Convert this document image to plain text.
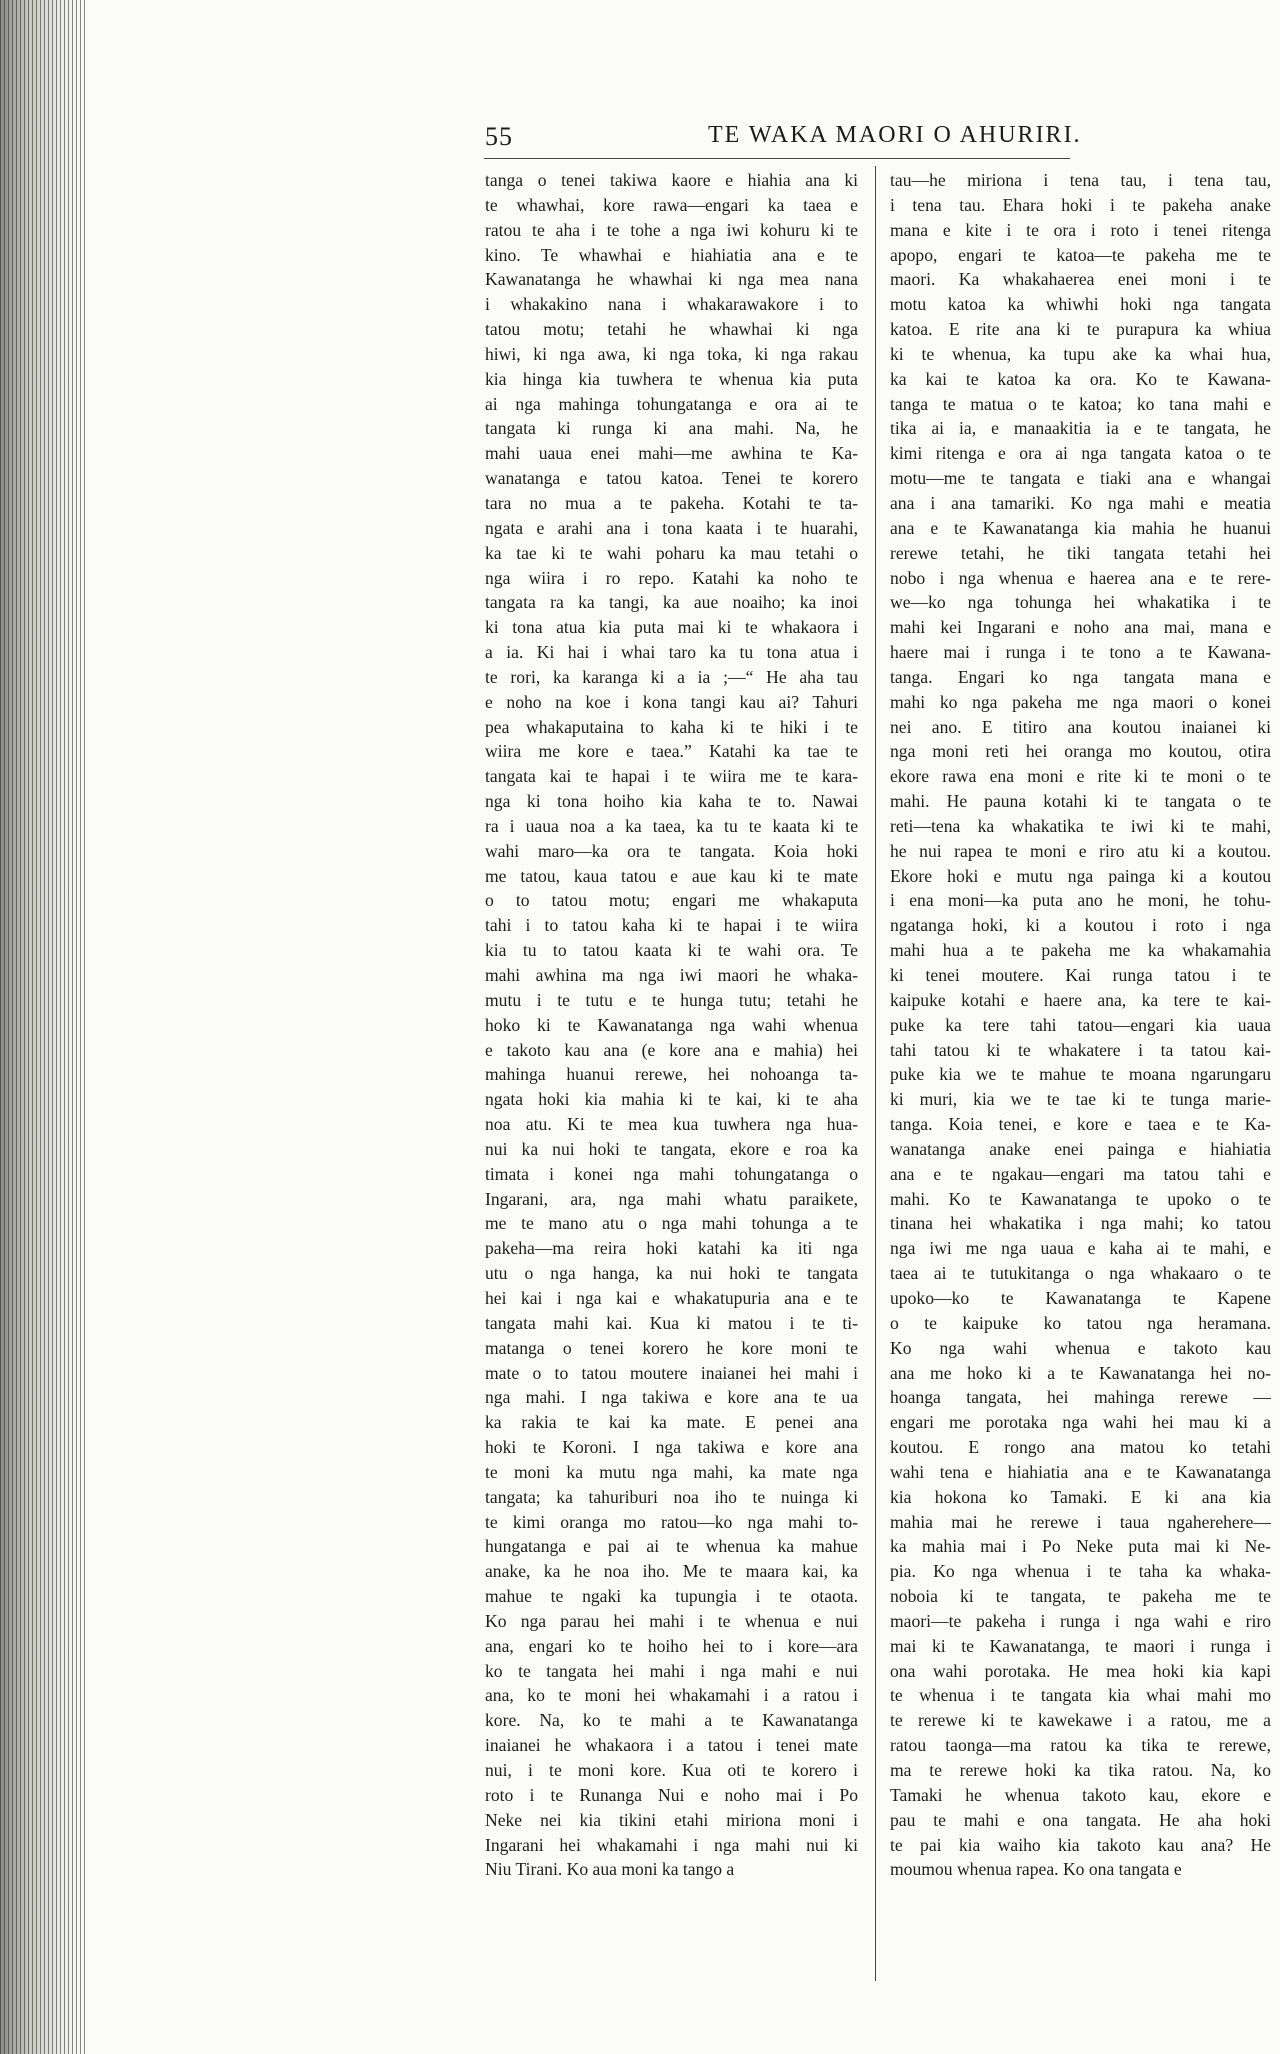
55	TE WAKA MAORI O AHURIRI.
tanga o tenei takiwa kaore e hiahia ana ki
te whawhai, kore rawa—engari ka taea e
ratou te aha i te tohe a nga iwi kohuru ki te
kino. Te whawhai e hiahiatia ana e te
Kawanatanga he whawhai ki nga mea nana
i whakakino nana i whakarawakore i to
tatou motu; tetahi he whawhai ki nga
hiwi, ki nga awa, ki nga toka, ki nga rakau
kia hinga kia tuwhera te whenua kia puta
ai nga mahinga tohungatanga e ora ai te
tangata ki runga ki ana mahi. Na, he
mahi uaua enei mahi—me awhina te Ka-
wanatanga e tatou katoa. Tenei te korero
tara no mua a te pakeha. Kotahi te ta-
ngata e arahi ana i tona kaata i te huarahi,
ka tae ki te wahi poharu ka mau tetahi o
nga wiira i ro repo. Katahi ka noho te
tangata ra ka tangi, ka aue noaiho; ka inoi
ki tona atua kia puta mai ki te whakaora i
a ia. Ki hai i whai taro ka tu tona atua i
te rori, ka karanga ki a ia ;—“ He aha tau
e noho na koe i kona tangi kau ai? Tahuri
pea whakaputaina to kaha ki te hiki i te
wiira me kore e taea.” Katahi ka tae te
tangata kai te hapai i te wiira me te kara-
nga ki tona hoiho kia kaha te to. Nawai
ra i uaua noa a ka taea, ka tu te kaata ki te
wahi maro—ka ora te tangata. Koia hoki
me tatou, kaua tatou e aue kau ki te mate
o to tatou motu; engari me whakaputa
tahi i to tatou kaha ki te hapai i te wiira
kia tu to tatou kaata ki te wahi ora. Te
mahi awhina ma nga iwi maori he whaka-
mutu i te tutu e te hunga tutu; tetahi he
hoko ki te Kawanatanga nga wahi whenua
e takoto kau ana (e kore ana e mahia) hei
mahinga huanui rerewe, hei nohoanga ta-
ngata hoki kia mahia ki te kai, ki te aha
noa atu. Ki te mea kua tuwhera nga hua-
nui ka nui hoki te tangata, ekore e roa ka
timata i konei nga mahi tohungatanga o
Ingarani, ara, nga mahi whatu paraikete,
me te mano atu o nga mahi tohunga a te
pakeha—ma reira hoki katahi ka iti nga
utu o nga hanga, ka nui hoki te tangata
hei kai i nga kai e whakatupuria ana e te
tangata mahi kai. Kua ki matou i te ti-
matanga o tenei korero he kore moni te
mate o to tatou moutere inaianei hei mahi i
nga mahi. I nga takiwa e kore ana te ua
ka rakia te kai ka mate. E penei ana
hoki te Koroni. I nga takiwa e kore ana
te moni ka mutu nga mahi, ka mate nga
tangata; ka tahuriburi noa iho te nuinga ki
te kimi oranga mo ratou—ko nga mahi to-
hungatanga e pai ai te whenua ka mahue
anake, ka he noa iho. Me te maara kai, ka
mahue te ngaki ka tupungia i te otaota.
Ko nga parau hei mahi i te whenua e nui
ana, engari ko te hoiho hei to i kore—ara
ko te tangata hei mahi i nga mahi e nui
ana, ko te moni hei whakamahi i a ratou i
kore. Na, ko te mahi a te Kawanatanga
inaianei he whakaora i a tatou i tenei mate
nui, i te moni kore. Kua oti te korero i
roto i te Runanga Nui e noho mai i Po
Neke nei kia tikini etahi miriona moni i
Ingarani hei whakamahi i nga mahi nui ki
Niu Tirani. Ko aua moni ka tango a
tau—he miriona i tena tau, i tena tau,
i tena tau. Ehara hoki i te pakeha anake
mana e kite i te ora i roto i tenei ritenga
apopo, engari te katoa—te pakeha me te
maori. Ka whakahaerea enei moni i te
motu katoa ka whiwhi hoki nga tangata
katoa. E rite ana ki te purapura ka whiua
ki te whenua, ka tupu ake ka whai hua,
ka kai te katoa ka ora. Ko te Kawana-
tanga te matua o te katoa; ko tana mahi e
tika ai ia, e manaakitia ia e te tangata, he
kimi ritenga e ora ai nga tangata katoa o te
motu—me te tangata e tiaki ana e whangai
ana i ana tamariki. Ko nga mahi e meatia
ana e te Kawanatanga kia mahia he huanui
rerewe tetahi, he tiki tangata tetahi hei
nobo i nga whenua e haerea ana e te rere-
we—ko nga tohunga hei whakatika i te
mahi kei Ingarani e noho ana mai, mana e
haere mai i runga i te tono a te Kawana-
tanga. Engari ko nga tangata mana e
mahi ko nga pakeha me nga maori o konei
nei ano. E titiro ana koutou inaianei ki
nga moni reti hei oranga mo koutou, otira
ekore rawa ena moni e rite ki te moni o te
mahi. He pauna kotahi ki te tangata o te
reti—tena ka whakatika te iwi ki te mahi,
he nui rapea te moni e riro atu ki a koutou.
Ekore hoki e mutu nga painga ki a koutou
i ena moni—ka puta ano he moni, he tohu-
ngatanga hoki, ki a koutou i roto i nga
mahi hua a te pakeha me ka whakamahia
ki tenei moutere. Kai runga tatou i te
kaipuke kotahi e haere ana, ka tere te kai-
puke ka tere tahi tatou—engari kia uaua
tahi tatou ki te whakatere i ta tatou kai-
puke kia we te mahue te moana ngarungaru
ki muri, kia we te tae ki te tunga marie-
tanga. Koia tenei, e kore e taea e te Ka-
wanatanga anake enei painga e hiahiatia
ana e te ngakau—engari ma tatou tahi e
mahi. Ko te Kawanatanga te upoko o te
tinana hei whakatika i nga mahi; ko tatou
nga iwi me nga uaua e kaha ai te mahi, e
taea ai te tutukitanga o nga whakaaro o te
upoko—ko te Kawanatanga te Kapene
o te kaipuke ko tatou nga heramana.
Ko nga wahi whenua e takoto kau
ana me hoko ki a te Kawanatanga hei no-
hoanga tangata, hei mahinga rerewe —
engari me porotaka nga wahi hei mau ki a
koutou. E rongo ana matou ko tetahi
wahi tena e hiahiatia ana e te Kawanatanga
kia hokona ko Tamaki. E ki ana kia
mahia mai he rerewe i taua ngaherehere—
ka mahia mai i Po Neke puta mai ki Ne-
pia. Ko nga whenua i te taha ka whaka-
noboia ki te tangata, te pakeha me te
maori—te pakeha i runga i nga wahi e riro
mai ki te Kawanatanga, te maori i runga i
ona wahi porotaka. He mea hoki kia kapi
te whenua i te tangata kia whai mahi mo
te rerewe ki te kawekawe i a ratou, me a
ratou taonga—ma ratou ka tika te rerewe,
ma te rerewe hoki ka tika ratou. Na, ko
Tamaki he whenua takoto kau, ekore e
pau te mahi e ona tangata. He aha hoki
te pai kia waiho kia takoto kau ana? He
moumou whenua rapea. Ko ona tangata e
